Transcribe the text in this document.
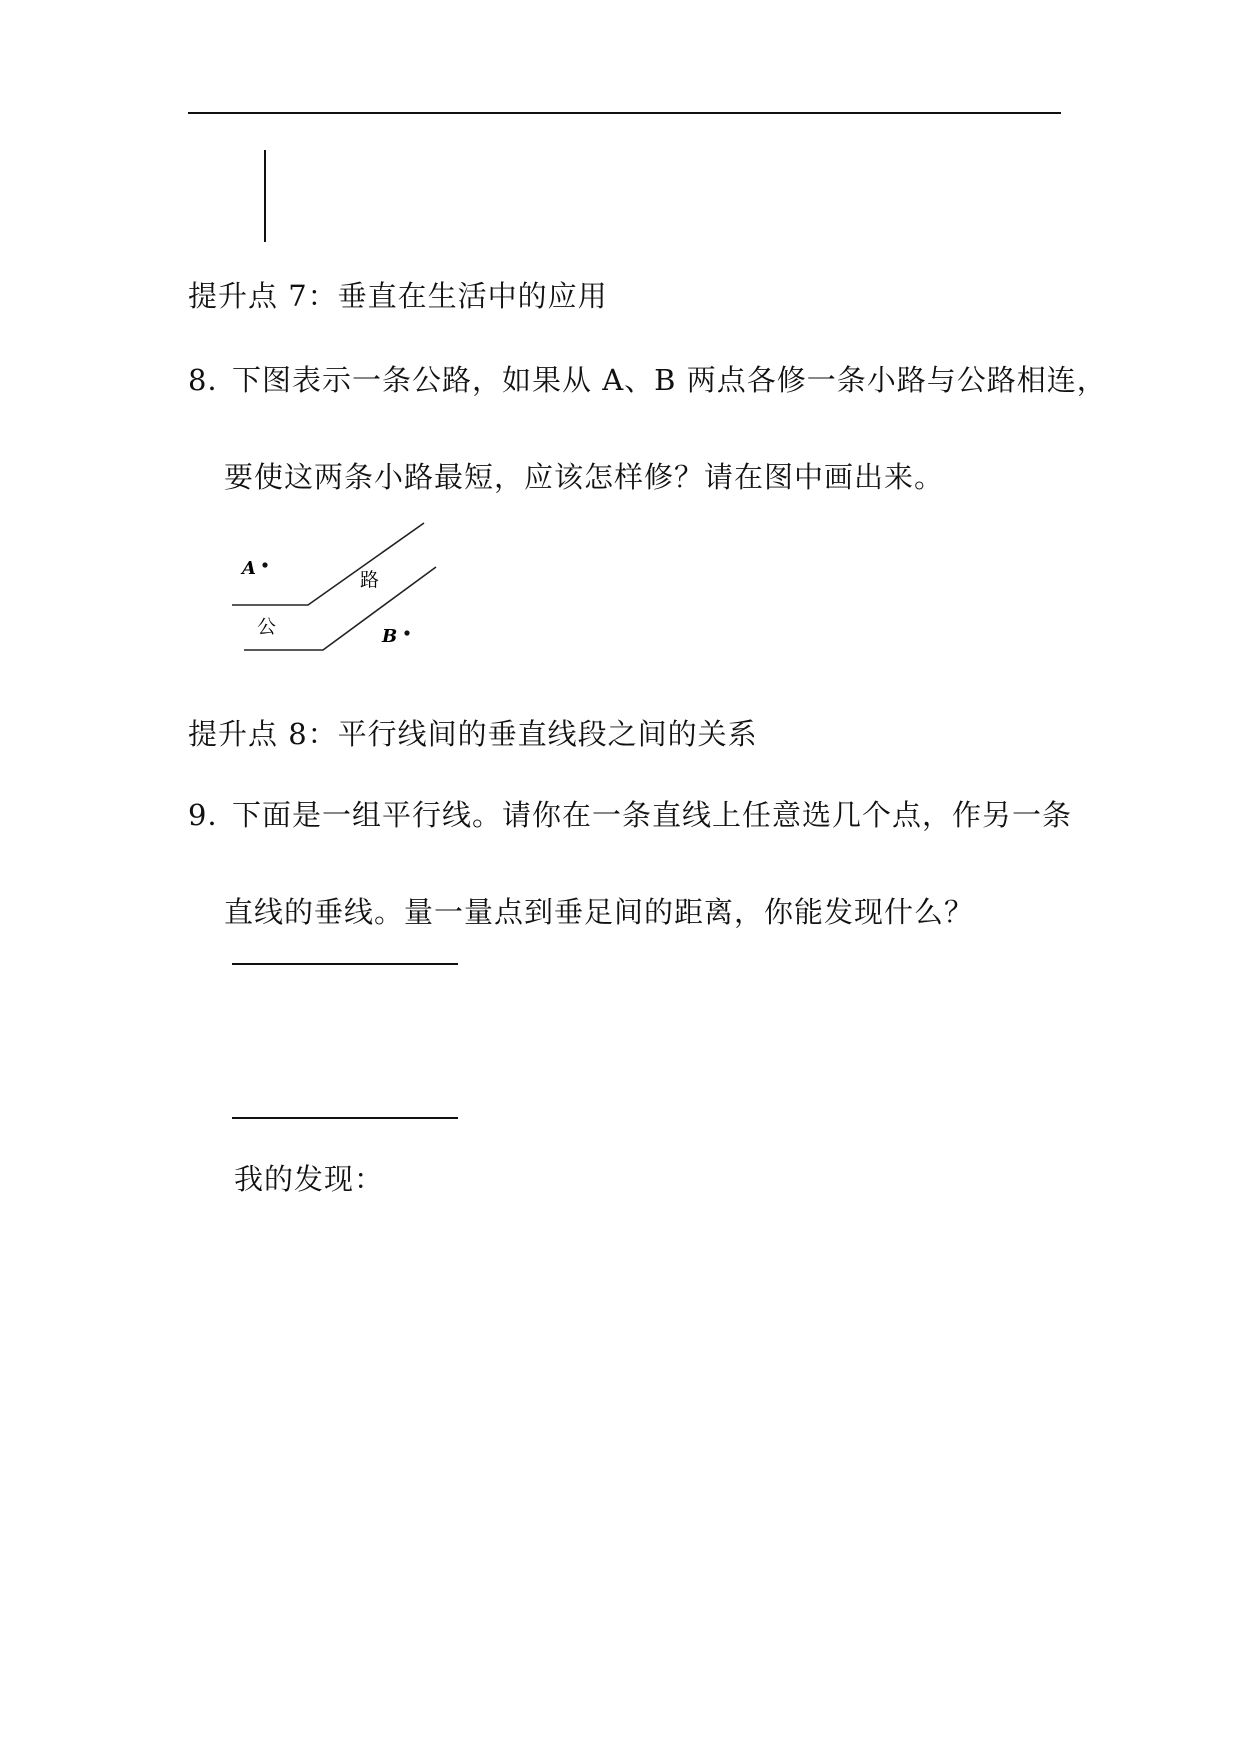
提升点 7：垂直在生活中的应用
8．
下图表示一条公路，如果从 A、B 两点各修一条小路与公路相连，
要使这两条小路最短，应该怎样修？请在图中画出来。
A
路
公	B
提升点 8：平行线间的垂直线段之间的关系
9．
下面是一组平行线。请你在一条直线上任意选几个点，作另一条
直线的垂线。量一量点到垂足间的距离，你能发现什么？
我的发现：
